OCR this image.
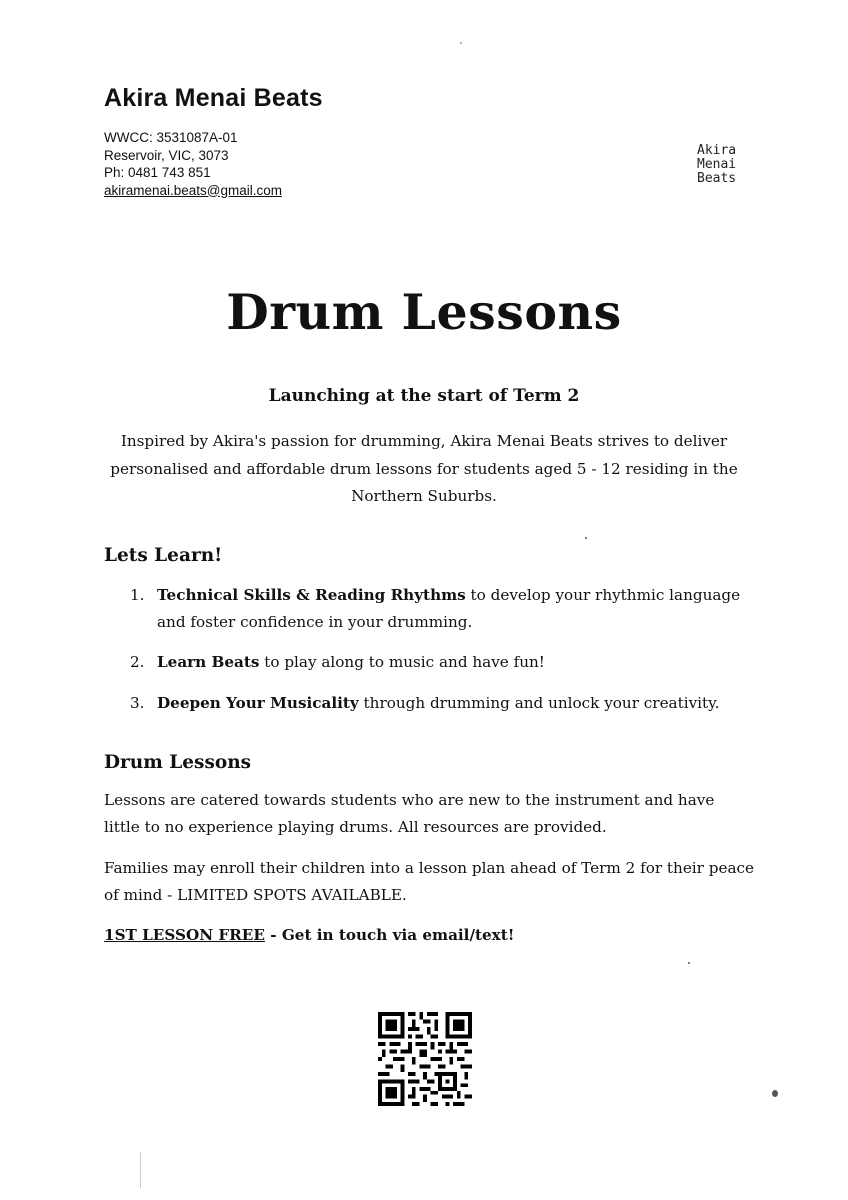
Akira Menai Beats
WWCC: 3531087A-01
Reservoir, VIC, 3073
Ph: 0481 743 851
akiramenai.beats@gmail.com
Akira
Menai
Beats
Drum Lessons
Launching at the start of Term 2
Inspired by Akira's passion for drumming, Akira Menai Beats strives to deliver personalised and affordable drum lessons for students aged 5 - 12 residing in the Northern Suburbs.
Lets Learn!
1. Technical Skills & Reading Rhythms to develop your rhythmic language and foster confidence in your drumming.
2. Learn Beats to play along to music and have fun!
3. Deepen Your Musicality through drumming and unlock your creativity.
Drum Lessons
Lessons are catered towards students who are new to the instrument and have little to no experience playing drums. All resources are provided.
Families may enroll their children into a lesson plan ahead of Term 2 for their peace of mind - LIMITED SPOTS AVAILABLE.
1ST LESSON FREE - Get in touch via email/text!
